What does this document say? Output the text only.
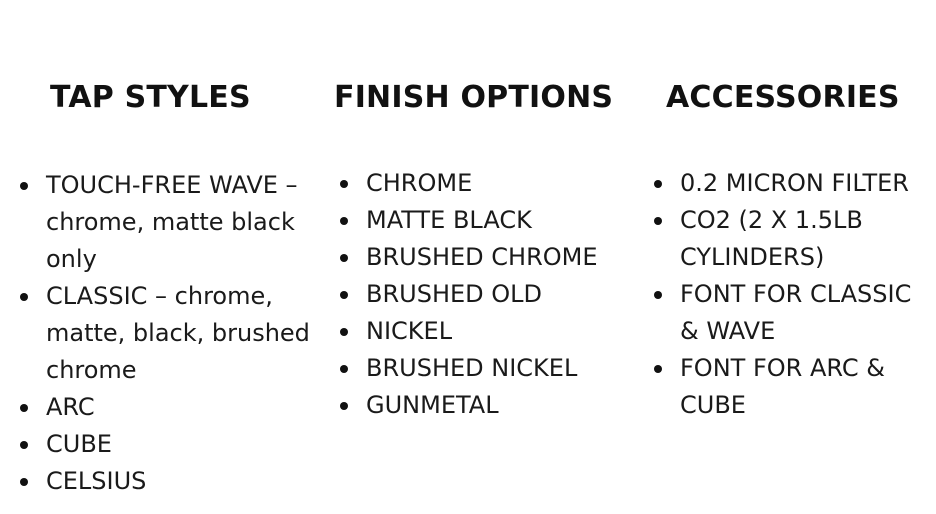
TAP STYLES
TOUCH-FREE WAVE – chrome, matte black only
CLASSIC – chrome, matte, black, brushed chrome
ARC
CUBE
CELSIUS
FINISH OPTIONS
CHROME
MATTE BLACK
BRUSHED CHROME
BRUSHED OLD
NICKEL
BRUSHED NICKEL
GUNMETAL
ACCESSORIES
0.2 MICRON FILTER
CO2 (2 X 1.5LB CYLINDERS)
FONT FOR CLASSIC & WAVE
FONT FOR ARC & CUBE
